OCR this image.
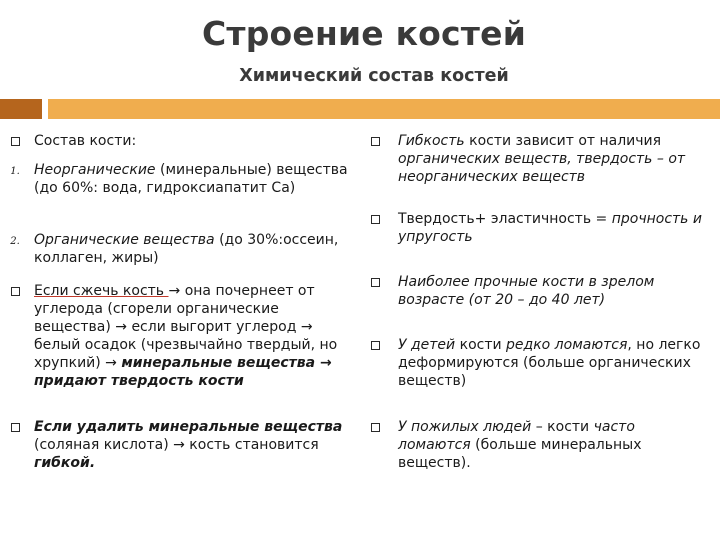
Строение костей
Химический состав костей
Состав кости:
1.	Неорганические (минеральные) вещества (до 60%: вода, гидроксиапатит Са)
2.	Органические вещества (до 30%:оссеин, коллаген, жиры)
Если сжечь кость → она почернеет от углерода (сгорели органические вещества) → если выгорит углерод → белый осадок (чрезвычайно твердый, но хрупкий) → минеральные вещества → придают твердость кости
Если удалить минеральные вещества (соляная кислота) → кость становится гибкой.
Гибкость кости зависит от наличия органических веществ, твердость – от неорганических веществ
Твердость+ эластичность = прочность и упругость
Наиболее прочные кости в зрелом возрасте (от 20 – до 40 лет)
У детей кости редко ломаются, но легко деформируются (больше органических веществ)
У пожилых людей – кости часто ломаются (больше минеральных веществ).
